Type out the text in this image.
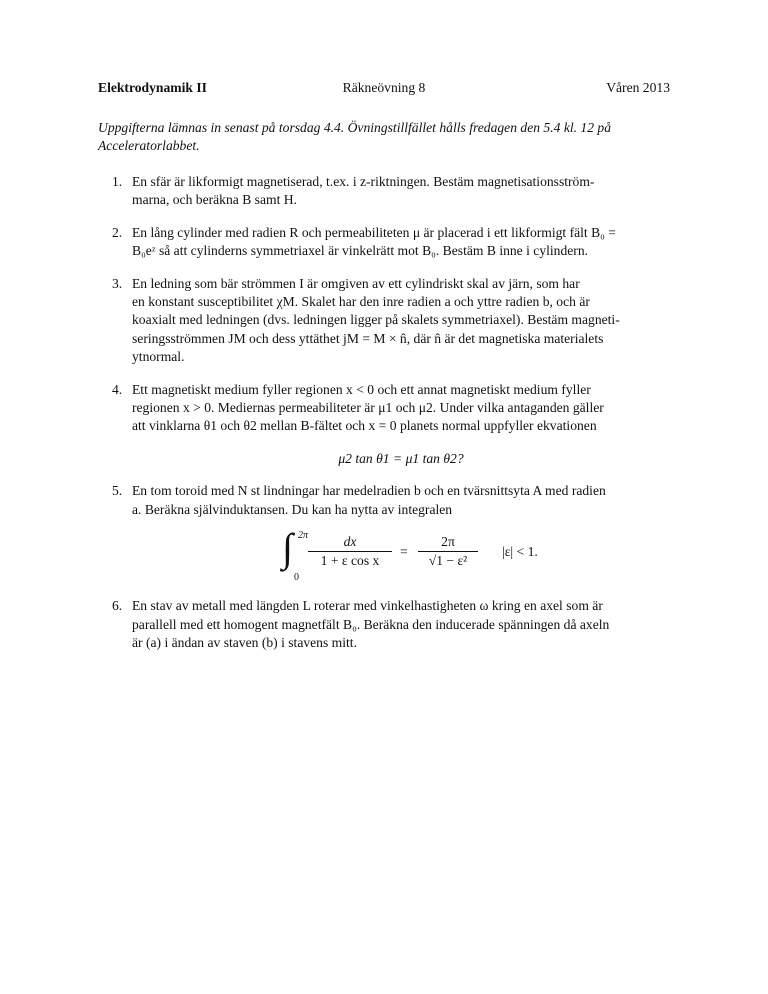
Elektrodynamik II	Räkneövning 8	Våren 2013
Uppgifterna lämnas in senast på torsdag 4.4. Övningstillfället hålls fredagen den 5.4 kl. 12 på
Acceleratorlabbet.
1. En sfär är likformigt magnetiserad, t.ex. i z-riktningen. Bestäm magnetisationsström-
marna, och beräkna B samt H.
2. En lång cylinder med radien R och permeabiliteten μ är placerad i ett likformigt fält B₀ =
B₀eᶻ så att cylinderns symmetriaxel är vinkelrätt mot B₀. Bestäm B inne i cylindern.
3. En ledning som bär strömmen I är omgiven av ett cylindriskt skal av järn, som har
en konstant susceptibilitet χM. Skalet har den inre radien a och yttre radien b, och är
koaxialt med ledningen (dvs. ledningen ligger på skalets symmetriaxel). Bestäm magneti-
seringsströmmen JM och dess yttäthet jM = M × n̂, där n̂ är det magnetiska materialets
ytnormal.
4. Ett magnetiskt medium fyller regionen x < 0 och ett annat magnetiskt medium fyller
regionen x > 0. Mediernas permeabiliteter är μ1 och μ2. Under vilka antaganden gäller
att vinklarna θ1 och θ2 mellan B-fältet och x = 0 planets normal uppfyller ekvationen
μ2 tan θ1 = μ1 tan θ2?
5. En tom toroid med N st lindningar har medelradien b och en tvärsnittsyta A med radien
a. Beräkna självinduktansen. Du kan ha nytta av integralen
∫ 2π
0
$\frac{dx}{\text{1 + ε cos x}} = \frac{2\pi}{\text{√1 − ε²}} |\varepsilon| < 1$.
6. En stav av metall med längden L roterar med vinkelhastigheten ω kring en axel som är
parallell med ett homogent magnetfält B₀. Beräkna den inducerade spänningen då axeln
är (a) i ändan av staven (b) i stavens mitt.
